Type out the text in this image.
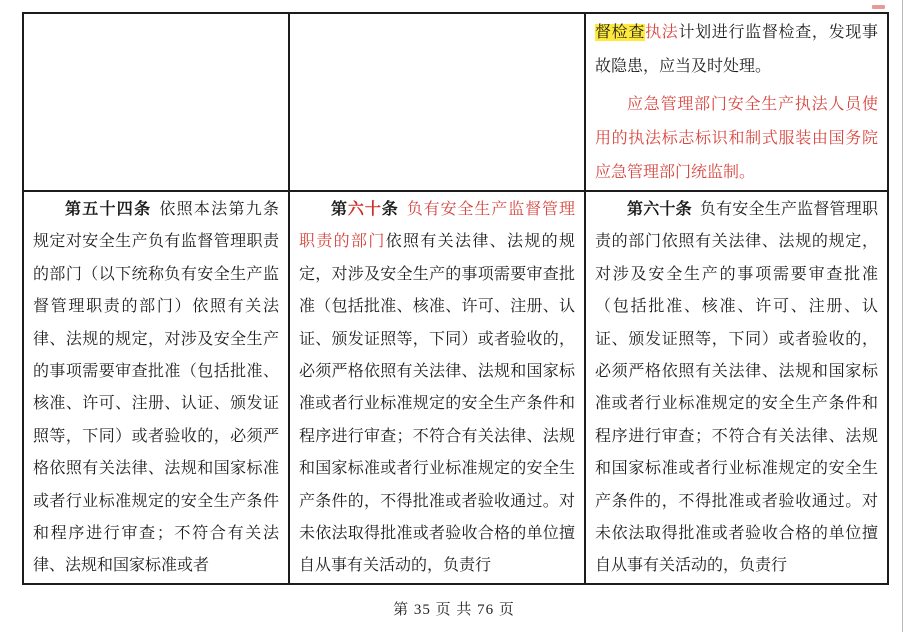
		督检查执法计划进行监督检查，发现事故隐患，应当及时处理。

应急管理部门安全生产执法人员使用的执法标志标识和制式服装由国务院应急管理部门统监制。

第五十四条 依照本法第九条规定对安全生产负有监督管理职责的部门（以下统称负有安全生产监督管理职责的部门）依照有关法律、法规的规定，对涉及安全生产的事项需要审查批准（包括批准、核准、许可、注册、认证、颁发证照等，下同）或者验收的，必须严格依照有关法律、法规和国家标准或者行业标准规定的安全生产条件和程序进行审查；不符合有关法律、法规和国家标准或者	第六十条 负有安全生产监督管理职责的部门依照有关法律、法规的规定，对涉及安全生产的事项需要审查批准（包括批准、核准、许可、注册、认证、颁发证照等，下同）或者验收的，必须严格依照有关法律、法规和国家标准或者行业标准规定的安全生产条件和程序进行审查；不符合有关法律、法规和国家标准或者行业标准规定的安全生产条件的，不得批准或者验收通过。对未依法取得批准或者验收合格的单位擅自从事有关活动的，负责行	第六十条 负有安全生产监督管理职责的部门依照有关法律、法规的规定，对涉及安全生产的事项需要审查批准（包括批准、核准、许可、注册、认证、颁发证照等，下同）或者验收的，必须严格依照有关法律、法规和国家标准或者行业标准规定的安全生产条件和程序进行审查；不符合有关法律、法规和国家标准或者行业标准规定的安全生产条件的，不得批准或者验收通过。对未依法取得批准或者验收合格的单位擅自从事有关活动的，负责行

第 35 页 共 76 页
